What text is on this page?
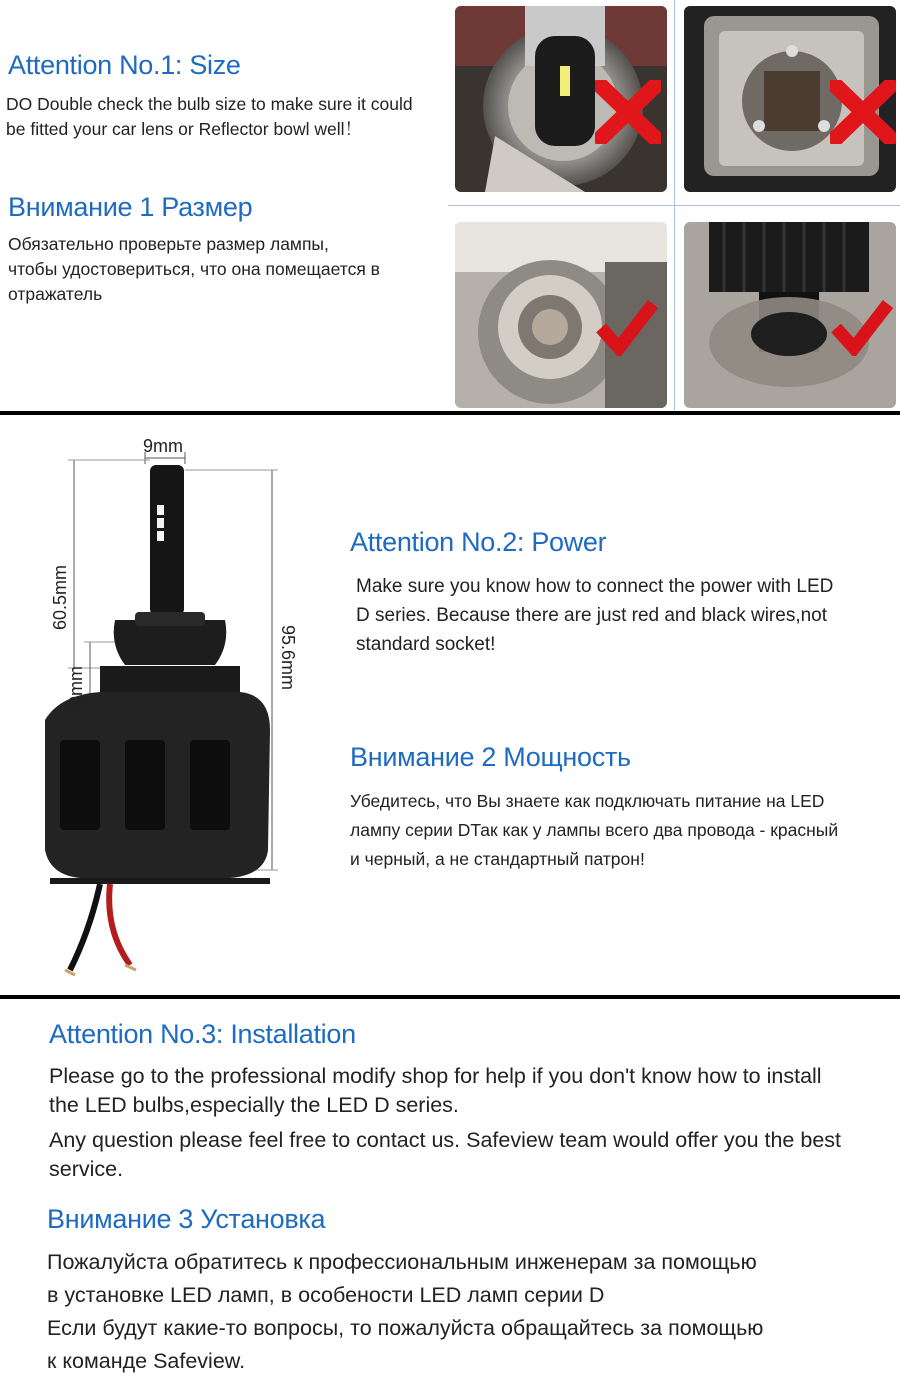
Attention No.1: Size
DO Double check the bulb size to make sure it could
be fitted your car lens or Reflector bowl well！
Внимание 1 Размер
Обязательно проверьте размер лампы,
чтобы удостовериться, что она помещается в
отражатель
9mm
60.5mm
20mm
95.6mm
Attention No.2: Power
Make sure you know how to connect the power with LED
D series. Because there are just red and black wires,not
standard socket!
Внимание 2 Мощность
Убедитесь, что Вы знаете как подключать питание на LED
лампу серии DТак как у лампы всего два провода - красный
и черный, а не стандартный патрон!
Attention No.3: Installation
Please go to the professional modify shop for help if you don't know how to install
the LED bulbs,especially the LED D series.
Any question please feel free to contact us. Safeview team would offer you the best
service.
Внимание 3 Установка
Пожалуйста обратитесь к профессиональным инженерам за помощью
в установке LED ламп, в особености LED ламп серии D
Если будут какие-то вопросы, то пожалуйста обращайтесь за помощью
к команде Safeview.
